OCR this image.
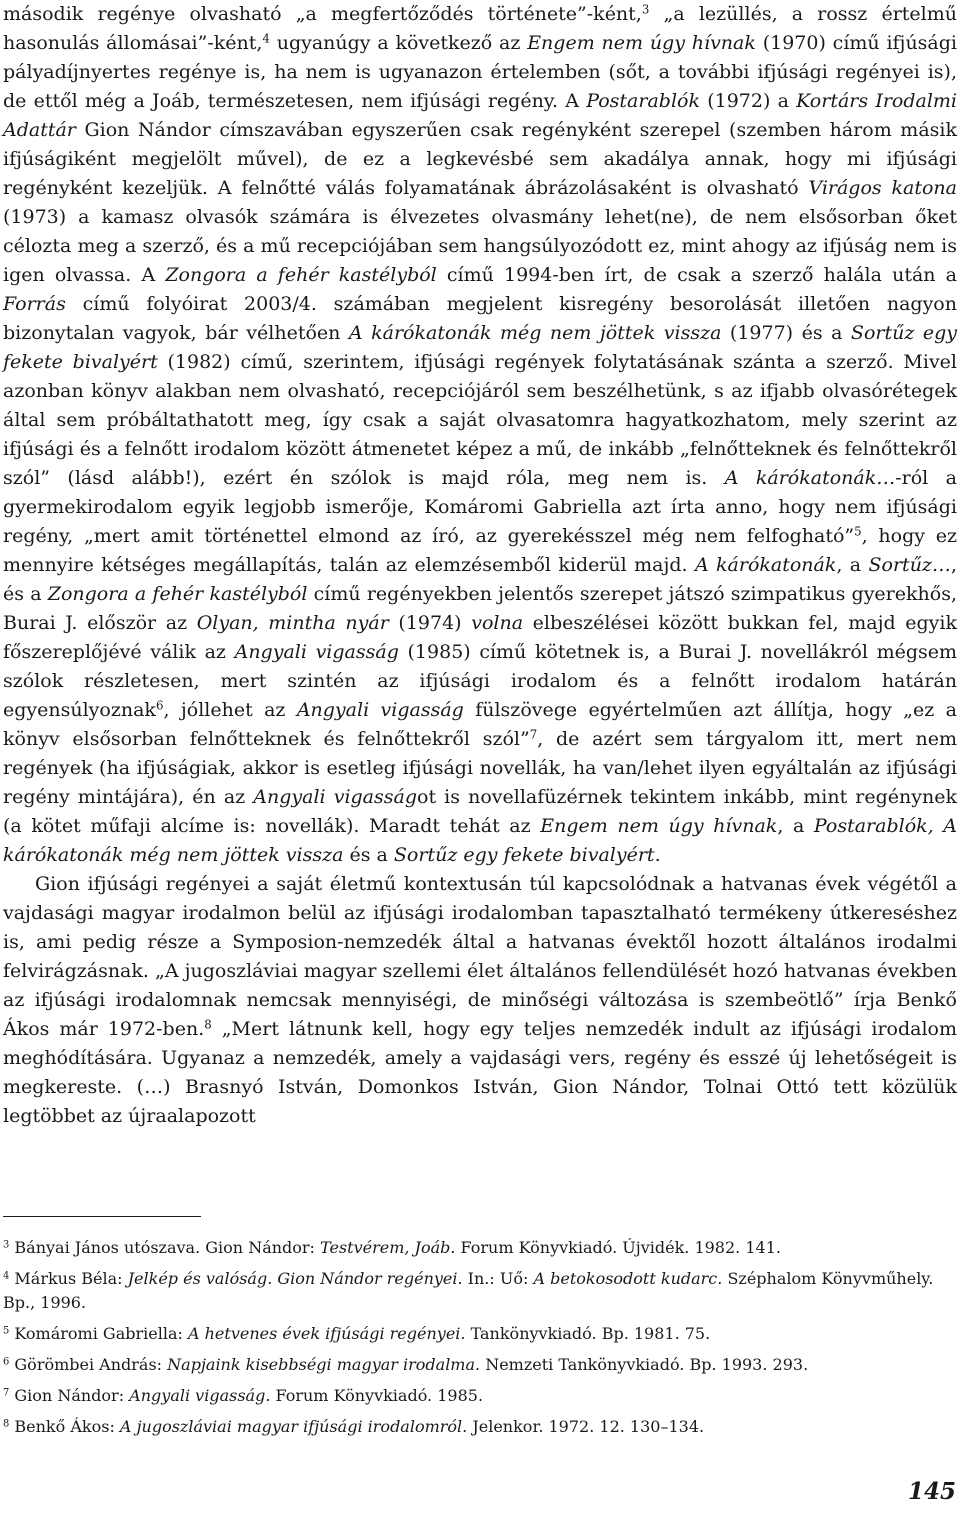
második regénye olvasható „a megfertőződés története”-ként,$^3$ „a lezüllés, a rossz értelmű hasonulás állomásai”-ként,$^4$ ugyanúgy a következő az Engem nem úgy hívnak (1970) című ifjúsági pályadíjnyertes regénye is, ha nem is ugyanazon értelemben (sőt, a további ifjúsági regényei is), de ettől még a Joáb, természetesen, nem ifjúsági regény. A Postarablók (1972) a Kortárs Irodalmi Adattár Gion Nándor címszavában egyszerűen csak regényként szerepel (szemben három másik ifjúságiként megjelölt művel), de ez a legkevésbé sem akadálya annak, hogy mi ifjúsági regényként kezeljük. A felnőtté válás folyamatának ábrázolásaként is olvasható Virágos katona (1973) a kamasz olvasók számára is élvezetes olvasmány lehet(ne), de nem elsősorban őket célozta meg a szerző, és a mű recepciójában sem hangsúlyozódott ez, mint ahogy az ifjúság nem is igen olvassa. A Zongora a fehér kastélyból című 1994-ben írt, de csak a szerző halála után a Forrás című folyóirat 2003/4. számában megjelent kisregény besorolását illetően nagyon bizonytalan vagyok, bár vélhetően A kárókatonák még nem jöttek vissza (1977) és a Sortűz egy fekete bivalyért (1982) című, szerintem, ifjúsági regények folytatásának szánta a szerző. Mivel azonban könyv alakban nem olvasható, recepciójáról sem beszélhetünk, s az ifjabb olvasórétegek által sem próbáltathatott meg, így csak a saját olvasatomra hagyatkozhatom, mely szerint az ifjúsági és a felnőtt irodalom között átmenetet képez a mű, de inkább „felnőtteknek és felnőttekről szól” (lásd alább!), ezért én szólok is majd róla, meg nem is. A kárókatonák…-ról a gyermekirodalom egyik legjobb ismerője, Komáromi Gabriella azt írta anno, hogy nem ifjúsági regény, „mert amit történettel elmond az író, az gyerekésszel még nem felfogható”$^5$, hogy ez mennyire kétséges megállapítás, talán az elemzésemből kiderül majd. A kárókatonák, a Sortűz…, és a Zongora a fehér kastélyból című regényekben jelentős szerepet játszó szimpatikus gyerekhős, Burai J. először az Olyan, mintha nyár (1974) volna elbeszélései között bukkan fel, majd egyik főszereplőjévé válik az Angyali vigasság (1985) című kötetnek is, a Burai J. novellákról mégsem szólok részletesen, mert szintén az ifjúsági irodalom és a felnőtt irodalom határán egyensúlyoznak$^6$, jóllehet az Angyali vigasság fülszövege egyértelműen azt állítja, hogy „ez a könyv elsősorban felnőtteknek és felnőttekről szól”$^7$, de azért sem tárgyalom itt, mert nem regények (ha ifjúságiak, akkor is esetleg ifjúsági novellák, ha van/lehet ilyen egyáltalán az ifjúsági regény mintájára), én az Angyali vigasságot is novellafüzérnek tekintem inkább, mint regénynek (a kötet műfaji alcíme is: novellák). Maradt tehát az Engem nem úgy hívnak, a Postarablók, A kárókatonák még nem jöttek vissza és a Sortűz egy fekete bivalyért.

Gion ifjúsági regényei a saját életmű kontextusán túl kapcsolódnak a hatvanas évek végétől a vajdasági magyar irodalmon belül az ifjúsági irodalomban tapasztalható termékeny útkereséshez is, ami pedig része a Symposion-nemzedék által a hatvanas évektől hozott általános irodalmi felvirágzásnak. „A jugoszláviai magyar szellemi élet általános fellendülését hozó hatvanas években az ifjúsági irodalomnak nemcsak mennyiségi, de minőségi változása is szembeötlő” írja Benkő Ákos már 1972-ben.$^8$ „Mert látnunk kell, hogy egy teljes nemzedék indult az ifjúsági irodalom meghódítására. Ugyanaz a nemzedék, amely a vajdasági vers, regény és esszé új lehetőségeit is megkereste. (…) Brasnyó István, Domonkos István, Gion Nándor, Tolnai Ottó tett közülük legtöbbet az újraalapozott

$^3$ Bányai János utószava. Gion Nándor: Testvérem, Joáb. Forum Könyvkiadó. Újvidék. 1982. 141.

$^4$ Márkus Béla: Jelkép és valóság. Gion Nándor regényei. In.: Uő: A betokosodott kudarc. Széphalom Könyvműhely. Bp., 1996.

$^5$ Komáromi Gabriella: A hetvenes évek ifjúsági regényei. Tankönyvkiadó. Bp. 1981. 75.

$^6$ Görömbei András: Napjaink kisebbségi magyar irodalma. Nemzeti Tankönyvkiadó. Bp. 1993. 293.

$^7$ Gion Nándor: Angyali vigasság. Forum Könyvkiadó. 1985.

$^8$ Benkő Ákos: A jugoszláviai magyar ifjúsági irodalomról. Jelenkor. 1972. 12. 130–134.

145
